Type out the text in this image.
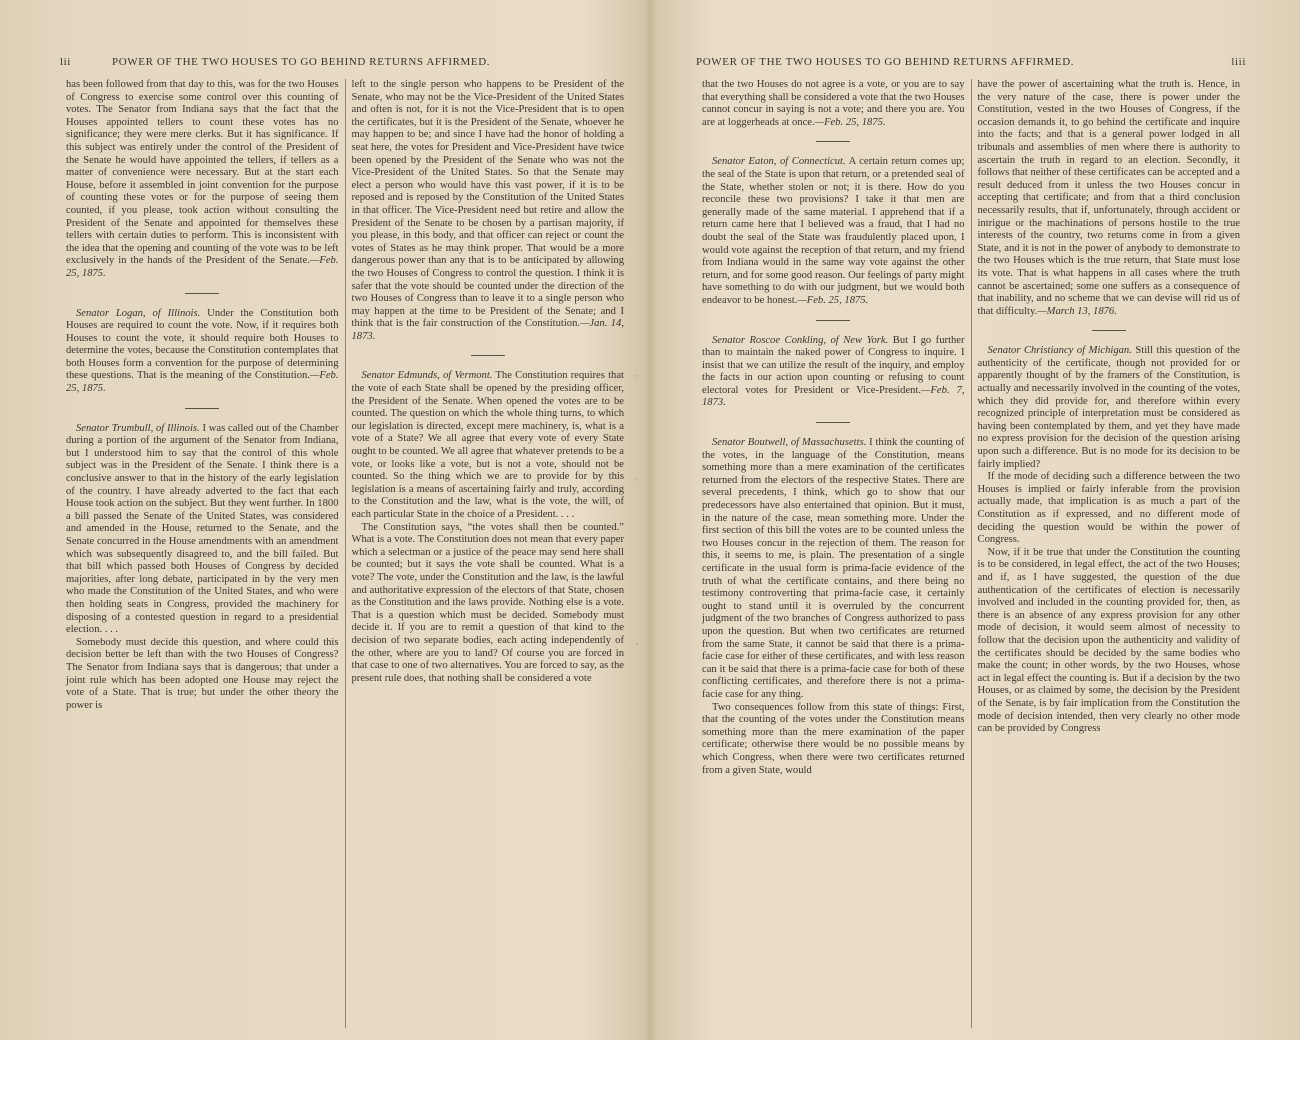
lii	POWER OF THE TWO HOUSES TO GO BEHIND RETURNS AFFIRMED.

has been followed from that day to this, was for the two Houses of Congress to exercise some control over this counting of votes. The Senator from Indiana says that the fact that the Houses appointed tellers to count these votes has no significance; they were mere clerks. But it has significance. If this subject was entirely under the control of the President of the Senate he would have appointed the tellers, if tellers as a matter of convenience were necessary. But at the start each House, before it assembled in joint convention for the purpose of counting these votes or for the purpose of seeing them counted, if you please, took action without consulting the President of the Senate and appointed for themselves these tellers with certain duties to perform. This is inconsistent with the idea that the opening and counting of the vote was to be left exclusively in the hands of the President of the Senate.—Feb. 25, 1875.

Senator Logan, of Illinois. Under the Constitution both Houses are required to count the vote. Now, if it requires both Houses to count the vote, it should require both Houses to determine the votes, because the Constitution contemplates that both Houses form a convention for the purpose of determining these questions. That is the meaning of the Constitution.—Feb. 25, 1875.

Senator Trumbull, of Illinois. I was called out of the Chamber during a portion of the argument of the Senator from Indiana, but I understood him to say that the control of this whole subject was in the President of the Senate. I think there is a conclusive answer to that in the history of the early legislation of the country. I have already adverted to the fact that each House took action on the subject. But they went further. In 1800 a bill passed the Senate of the United States, was considered and amended in the House, returned to the Senate, and the Senate concurred in the House amendments with an amendment which was subsequently disagreed to, and the bill failed. But that bill which passed both Houses of Congress by decided majorities, after long debate, participated in by the very men who made the Constitution of the United States, and who were then holding seats in Congress, provided the machinery for disposing of a contested question in regard to a presidential election. . . .

Somebody must decide this question, and where could this decision better be left than with the two Houses of Congress? The Senator from Indiana says that is dangerous; that under a joint rule which has been adopted one House may reject the vote of a State. That is true; but under the other theory the power is

left to the single person who happens to be President of the Senate, who may not be the Vice-President of the United States and often is not, for it is not the Vice-President that is to open the certificates, but it is the President of the Senate, whoever he may happen to be; and since I have had the honor of holding a seat here, the votes for President and Vice-President have twice been opened by the President of the Senate who was not the Vice-President of the United States. So that the Senate may elect a person who would have this vast power, if it is to be reposed and is reposed by the Constitution of the United States in that officer. The Vice-President need but retire and allow the President of the Senate to be chosen by a partisan majority, if you please, in this body, and that officer can reject or count the votes of States as he may think proper. That would be a more dangerous power than any that is to be anticipated by allowing the two Houses of Congress to control the question. I think it is safer that the vote should be counted under the direction of the two Houses of Congress than to leave it to a single person who may happen at the time to be President of the Senate; and I think that is the fair construction of the Constitution.—Jan. 14, 1873.

Senator Edmunds, of Vermont. The Constitution requires that the vote of each State shall be opened by the presiding officer, the President of the Senate. When opened the votes are to be counted. The question on which the whole thing turns, to which our legislation is directed, except mere machinery, is, what is a vote of a State? We all agree that every vote of every State ought to be counted. We all agree that whatever pretends to be a vote, or looks like a vote, but is not a vote, should not be counted. So the thing which we are to provide for by this legislation is a means of ascertaining fairly and truly, according to the Constitution and the law, what is the vote, the will, of each particular State in the choice of a President. . . .

The Constitution says, “the votes shall then be counted.” What is a vote. The Constitution does not mean that every paper which a selectman or a justice of the peace may send here shall be counted; but it says the vote shall be counted. What is a vote? The vote, under the Constitution and the law, is the lawful and authoritative expression of the electors of that State, chosen as the Constitution and the laws provide. Nothing else is a vote. That is a question which must be decided. Somebody must decide it. If you are to remit a question of that kind to the decision of two separate bodies, each acting independently of the other, where are you to land? Of course you are forced in that case to one of two alternatives. You are forced to say, as the present rule does, that nothing shall be considered a vote

·
·
·
POWER OF THE TWO HOUSES TO GO BEHIND RETURNS AFFIRMED.	liii

that the two Houses do not agree is a vote, or you are to say that everything shall be considered a vote that the two Houses cannot concur in saying is not a vote; and there you are. You are at loggerheads at once.—Feb. 25, 1875.

Senator Eaton, of Connecticut. A certain return comes up; the seal of the State is upon that return, or a pretended seal of the State, whether stolen or not; it is there. How do you reconcile these two provisions? I take it that men are generally made of the same material. I apprehend that if a return came here that I believed was a fraud, that I had no doubt the seal of the State was fraudulently placed upon, I would vote against the reception of that return, and my friend from Indiana would in the same way vote against the other return, and for some good reason. Our feelings of party might have something to do with our judgment, but we would both endeavor to be honest.—Feb. 25, 1875.

Senator Roscoe Conkling, of New York. But I go further than to maintain the naked power of Congress to inquire. I insist that we can utilize the result of the inquiry, and employ the facts in our action upon counting or refusing to count electoral votes for President or Vice-President.—Feb. 7, 1873.

Senator Boutwell, of Massachusetts. I think the counting of the votes, in the language of the Constitution, means something more than a mere examination of the certificates returned from the electors of the respective States. There are several precedents, I think, which go to show that our predecessors have also entertained that opinion. But it must, in the nature of the case, mean something more. Under the first section of this bill the votes are to be counted unless the two Houses concur in the rejection of them. The reason for this, it seems to me, is plain. The presentation of a single certificate in the usual form is prima-facie evidence of the truth of what the certificate contains, and there being no testimony controverting that prima-facie case, it certainly ought to stand until it is overruled by the concurrent judgment of the two branches of Congress authorized to pass upon the question. But when two certificates are returned from the same State, it cannot be said that there is a prima-facie case for either of these certificates, and with less reason can it be said that there is a prima-facie case for both of these conflicting certificates, and therefore there is not a prima-facie case for any thing.

Two consequences follow from this state of things: First, that the counting of the votes under the Constitution means something more than the mere examination of the paper certificate; otherwise there would be no possible means by which Congress, when there were two certificates returned from a given State, would

have the power of ascertaining what the truth is. Hence, in the very nature of the case, there is power under the Constitution, vested in the two Houses of Congress, if the occasion demands it, to go behind the certificate and inquire into the facts; and that is a general power lodged in all tribunals and assemblies of men where there is authority to ascertain the truth in regard to an election. Secondly, it follows that neither of these certificates can be accepted and a result deduced from it unless the two Houses concur in accepting that certificate; and from that a third conclusion necessarily results, that if, unfortunately, through accident or intrigue or the machinations of persons hostile to the true interests of the country, two returns come in from a given State, and it is not in the power of anybody to demonstrate to the two Houses which is the true return, that State must lose its vote. That is what happens in all cases where the truth cannot be ascertained; some one suffers as a consequence of that inability, and no scheme that we can devise will rid us of that difficulty.—March 13, 1876.

Senator Christiancy of Michigan. Still this question of the authenticity of the certificate, though not provided for or apparently thought of by the framers of the Constitution, is actually and necessarily involved in the counting of the votes, which they did provide for, and therefore within every recognized principle of interpretation must be considered as having been contemplated by them, and yet they have made no express provision for the decision of the question arising upon such a difference. But is no mode for its decision to be fairly implied?

If the mode of deciding such a difference between the two Houses is implied or fairly inferable from the provision actually made, that implication is as much a part of the Constitution as if expressed, and no different mode of deciding the question would be within the power of Congress.

Now, if it be true that under the Constitution the counting is to be considered, in legal effect, the act of the two Houses; and if, as I have suggested, the question of the due authentication of the certificates of election is necessarily involved and included in the counting provided for, then, as there is an absence of any express provision for any other mode of decision, it would seem almost of necessity to follow that the decision upon the authenticity and validity of the certificates should be decided by the same bodies who make the count; in other words, by the two Houses, whose act in legal effect the counting is. But if a decision by the two Houses, or as claimed by some, the decision by the President of the Senate, is by fair implication from the Constitution the mode of decision intended, then very clearly no other mode can be provided by Congress
